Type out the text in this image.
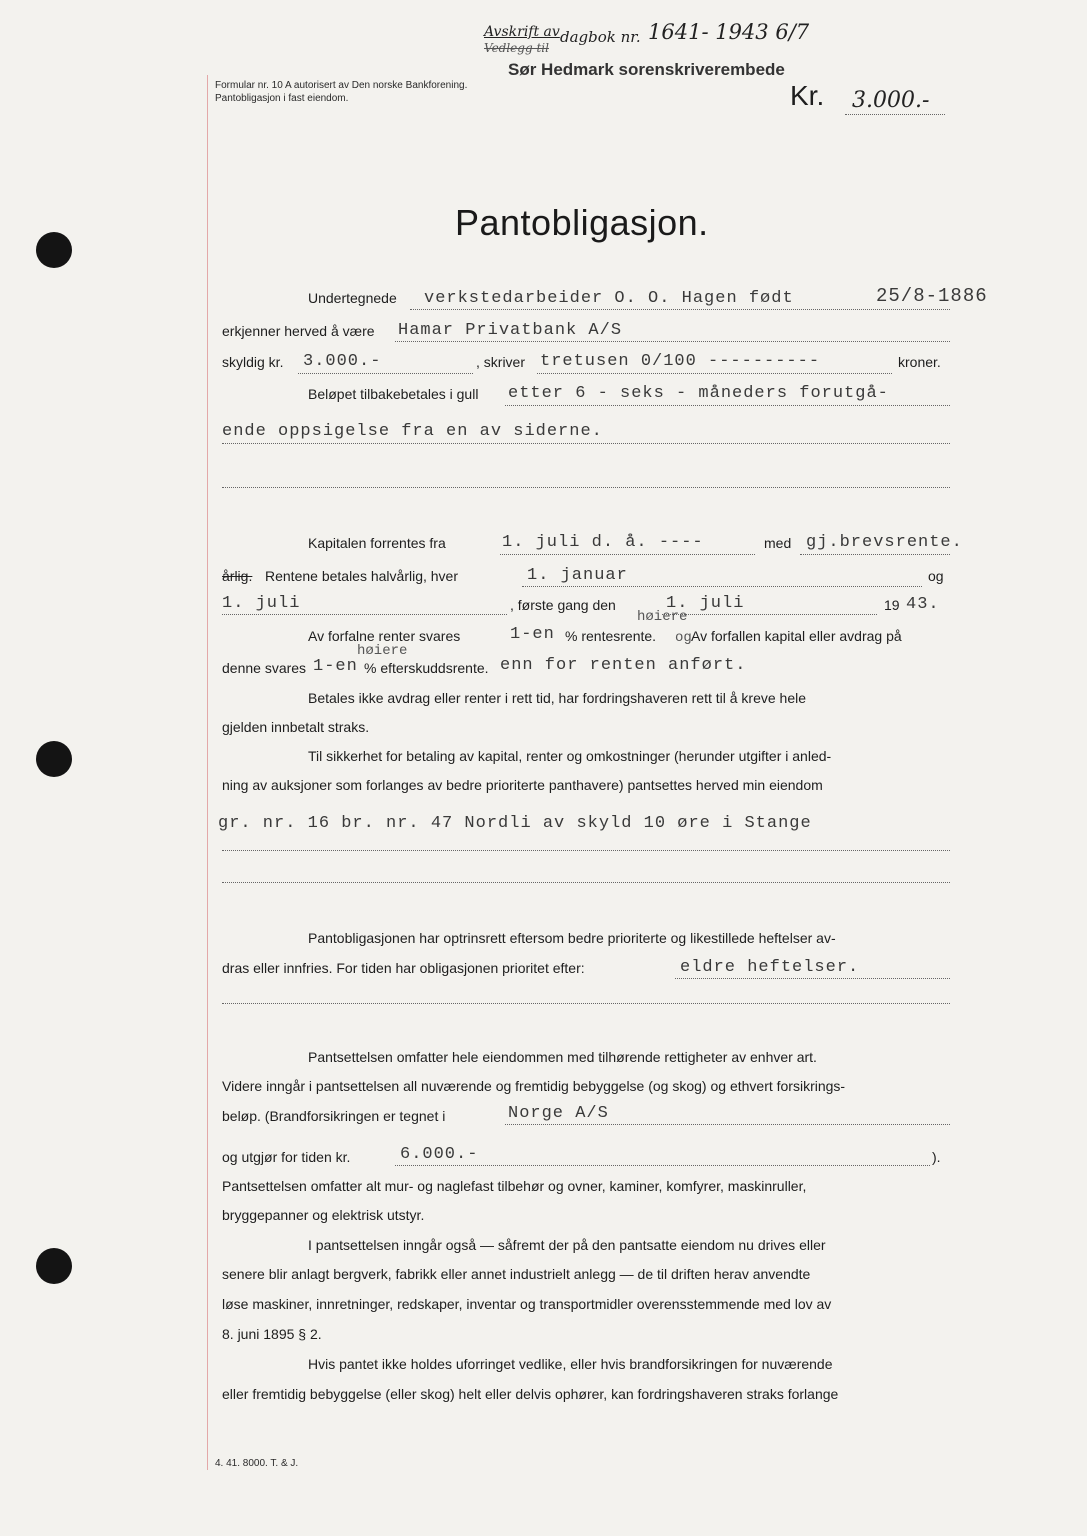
Avskrift av
Vedlegg til
dagbok nr. 1641- 1943 6/7
Formular nr. 10 A autorisert av Den norske Bankforening.
Pantobligasjon i fast eiendom.
Sør Hedmark sorenskriverembede
Kr. 3.000.-
Pantobligasjon.
Undertegnede verkstedarbeider O. O. Hagen født	25/8-1886
erkjenner herved å være Hamar Privatbank A/S
skyldig kr. 3.000.-	, skriver tretusen 0/100 ----------	kroner.
Beløpet tilbakebetales i gull etter 6 - seks - måneders forutgå-
ende oppsigelse fra en av siderne.
Kapitalen forrentes fra	1. juli d. å. ----	med gj.brevsrente.
årlig. Rentene betales halvårlig, hver	1. januar	og
1. juli	, første gang den	1. juli	19 43.
høiere
Av forfalne renter svares	1-en % rentesrente. og Av forfallen kapital eller avdrag på
høiere
denne svares 1-en % efterskuddsrente. enn for renten anført.
Betales ikke avdrag eller renter i rett tid, har fordringshaveren rett til å kreve hele
gjelden innbetalt straks.
Til sikkerhet for betaling av kapital, renter og omkostninger (herunder utgifter i anled-
ning av auksjoner som forlanges av bedre prioriterte panthavere) pantsettes herved min eiendom
gr. nr. 16 br. nr. 47 Nordli av skyld 10 øre i Stange
Pantobligasjonen har optrinsrett eftersom bedre prioriterte og likestillede heftelser av-
dras eller innfries. For tiden har obligasjonen prioritet efter:	eldre heftelser.
Pantsettelsen omfatter hele eiendommen med tilhørende rettigheter av enhver art.
Videre inngår i pantsettelsen all nuværende og fremtidig bebyggelse (og skog) og ethvert forsikrings-
beløp. (Brandforsikringen er tegnet i	Norge A/S
og utgjør for tiden kr.	6.000.-	).
Pantsettelsen omfatter alt mur- og naglefast tilbehør og ovner, kaminer, komfyrer, maskinruller,
bryggepanner og elektrisk utstyr.
I pantsettelsen inngår også — såfremt der på den pantsatte eiendom nu drives eller
senere blir anlagt bergverk, fabrikk eller annet industrielt anlegg — de til driften herav anvendte
løse maskiner, innretninger, redskaper, inventar og transportmidler overensstemmende med lov av
8. juni 1895 § 2.
Hvis pantet ikke holdes uforringet vedlike, eller hvis brandforsikringen for nuværende
eller fremtidig bebyggelse (eller skog) helt eller delvis ophører, kan fordringshaveren straks forlange
4. 41. 8000. T. & J.
